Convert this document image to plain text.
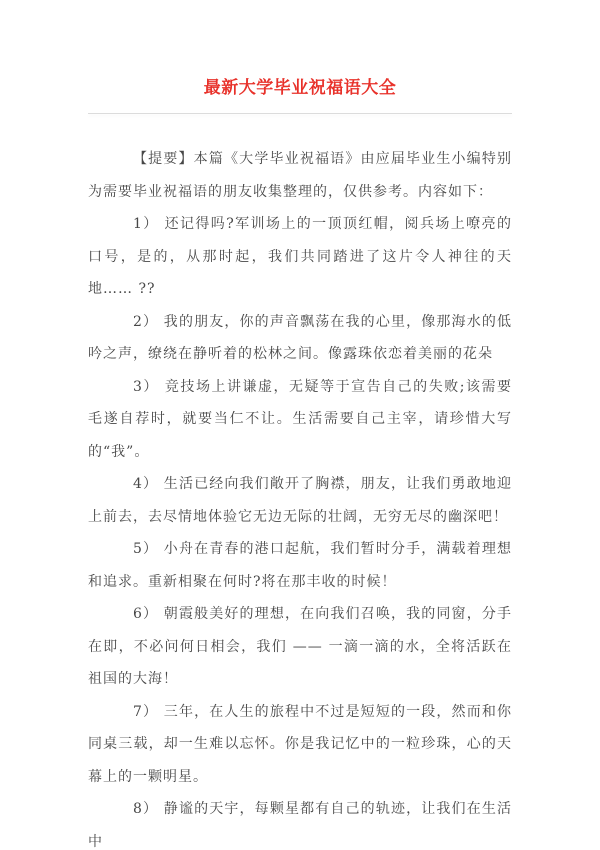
最新大学毕业祝福语大全

【提要】本篇《大学毕业祝福语》由应届毕业生小编特别为需要毕业祝福语的朋友收集整理的，仅供参考。内容如下：

1） 还记得吗?军训场上的一顶顶红帽，阅兵场上嘹亮的口号，是的，从那时起，我们共同踏进了这片令人神往的天地…… ??

2） 我的朋友，你的声音飘荡在我的心里，像那海水的低吟之声，缭绕在静听着的松林之间。像露珠依恋着美丽的花朵

3） 竞技场上讲谦虚，无疑等于宣告自己的失败;该需要毛遂自荐时，就要当仁不让。生活需要自己主宰，请珍惜大写的“我”。

4） 生活已经向我们敞开了胸襟，朋友，让我们勇敢地迎上前去，去尽情地体验它无边无际的壮阔，无穷无尽的幽深吧！

5） 小舟在青春的港口起航，我们暂时分手，满载着理想和追求。重新相聚在何时?将在那丰收的时候！

6） 朝霞般美好的理想，在向我们召唤，我的同窗，分手在即，不必问何日相会，我们 —— 一滴一滴的水，全将活跃在祖国的大海！

7） 三年，在人生的旅程中不过是短短的一段，然而和你同桌三载，却一生难以忘怀。你是我记忆中的一粒珍珠，心的天幕上的一颗明星。

8） 静谧的天宇，每颗星都有自己的轨迹，让我们在生活中
